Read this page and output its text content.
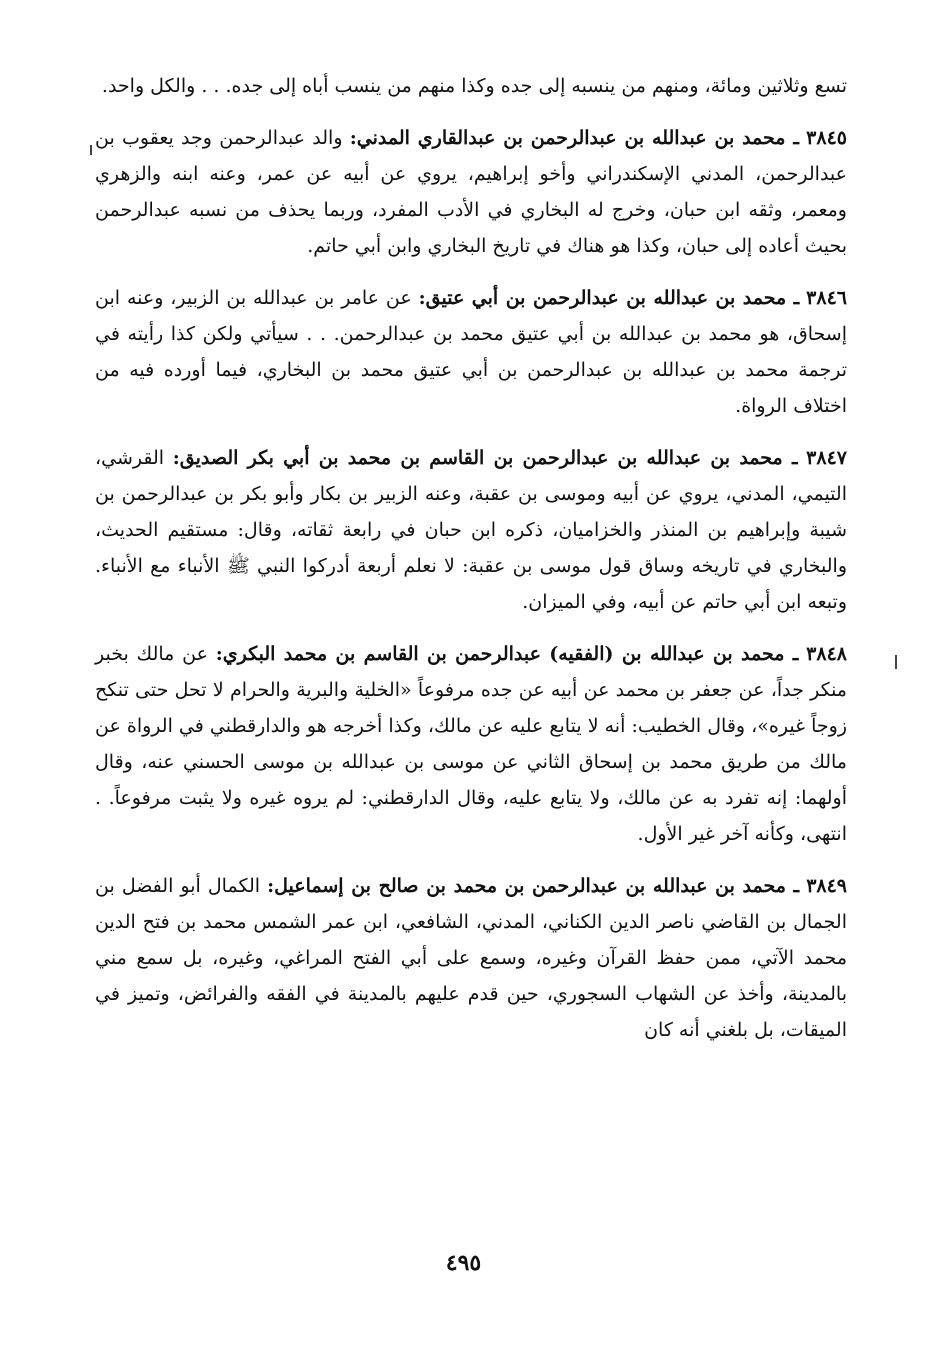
تسع وثلاثين ومائة، ومنهم من ينسبه إلى جده وكذا منهم من ينسب أباه إلى جده. . . والكل واحد.

٣٨٤٥ ـ محمد بن عبدالله بن عبدالرحمن بن عبدالقاري المدني: والد عبدالرحمن وجد يعقوب بن عبدالرحمن، المدني الإسكندراني وأخو إبراهيم، يروي عن أبيه عن عمر، وعنه ابنه والزهري ومعمر، وثقه ابن حبان، وخرج له البخاري في الأدب المفرد، وربما يحذف من نسبه عبدالرحمن بحيث أعاده إلى حبان، وكذا هو هناك في تاريخ البخاري وابن أبي حاتم.

٣٨٤٦ ـ محمد بن عبدالله بن عبدالرحمن بن أبي عتيق: عن عامر بن عبدالله بن الزبير، وعنه ابن إسحاق، هو محمد بن عبدالله بن أبي عتيق محمد بن عبدالرحمن. . . سيأتي ولكن كذا رأيته في ترجمة محمد بن عبدالله بن عبدالرحمن بن أبي عتيق محمد بن البخاري، فيما أورده فيه من اختلاف الرواة.

٣٨٤٧ ـ محمد بن عبدالله بن عبدالرحمن بن القاسم بن محمد بن أبي بكر الصديق: القرشي، التيمي، المدني، يروي عن أبيه وموسى بن عقبة، وعنه الزبير بن بكار وأبو بكر بن عبدالرحمن بن شيبة وإبراهيم بن المنذر والخزاميان، ذكره ابن حبان في رابعة ثقاته، وقال: مستقيم الحديث، والبخاري في تاريخه وساق قول موسى بن عقبة: لا نعلم أربعة أدركوا النبي ﷺ الأنباء مع الأنباء. وتبعه ابن أبي حاتم عن أبيه، وفي الميزان.

٣٨٤٨ ـ محمد بن عبدالله بن (الفقيه) عبدالرحمن بن القاسم بن محمد البكري: عن مالك بخبر منكر جداً، عن جعفر بن محمد عن أبيه عن جده مرفوعاً «الخلية والبرية والحرام لا تحل حتى تنكح زوجاً غيره»، وقال الخطيب: أنه لا يتابع عليه عن مالك، وكذا أخرجه هو والدارقطني في الرواة عن مالك من طريق محمد بن إسحاق الثاني عن موسى بن عبدالله بن موسى الحسني عنه، وقال أولهما: إنه تفرد به عن مالك، ولا يتابع عليه، وقال الدارقطني: لم يروه غيره ولا يثبت مرفوعاً. . انتهى، وكأنه آخر غير الأول.

٣٨٤٩ ـ محمد بن عبدالله بن عبدالرحمن بن محمد بن صالح بن إسماعيل: الكمال أبو الفضل بن الجمال بن القاضي ناصر الدين الكناني، المدني، الشافعي، ابن عمر الشمس محمد بن فتح الدين محمد الآتي، ممن حفظ القرآن وغيره، وسمع على أبي الفتح المراغي، وغيره، بل سمع مني بالمدينة، وأخذ عن الشهاب السجوري، حين قدم عليهم بالمدينة في الفقه والفرائض، وتميز في الميقات، بل بلغني أنه كان

٤٩٥
